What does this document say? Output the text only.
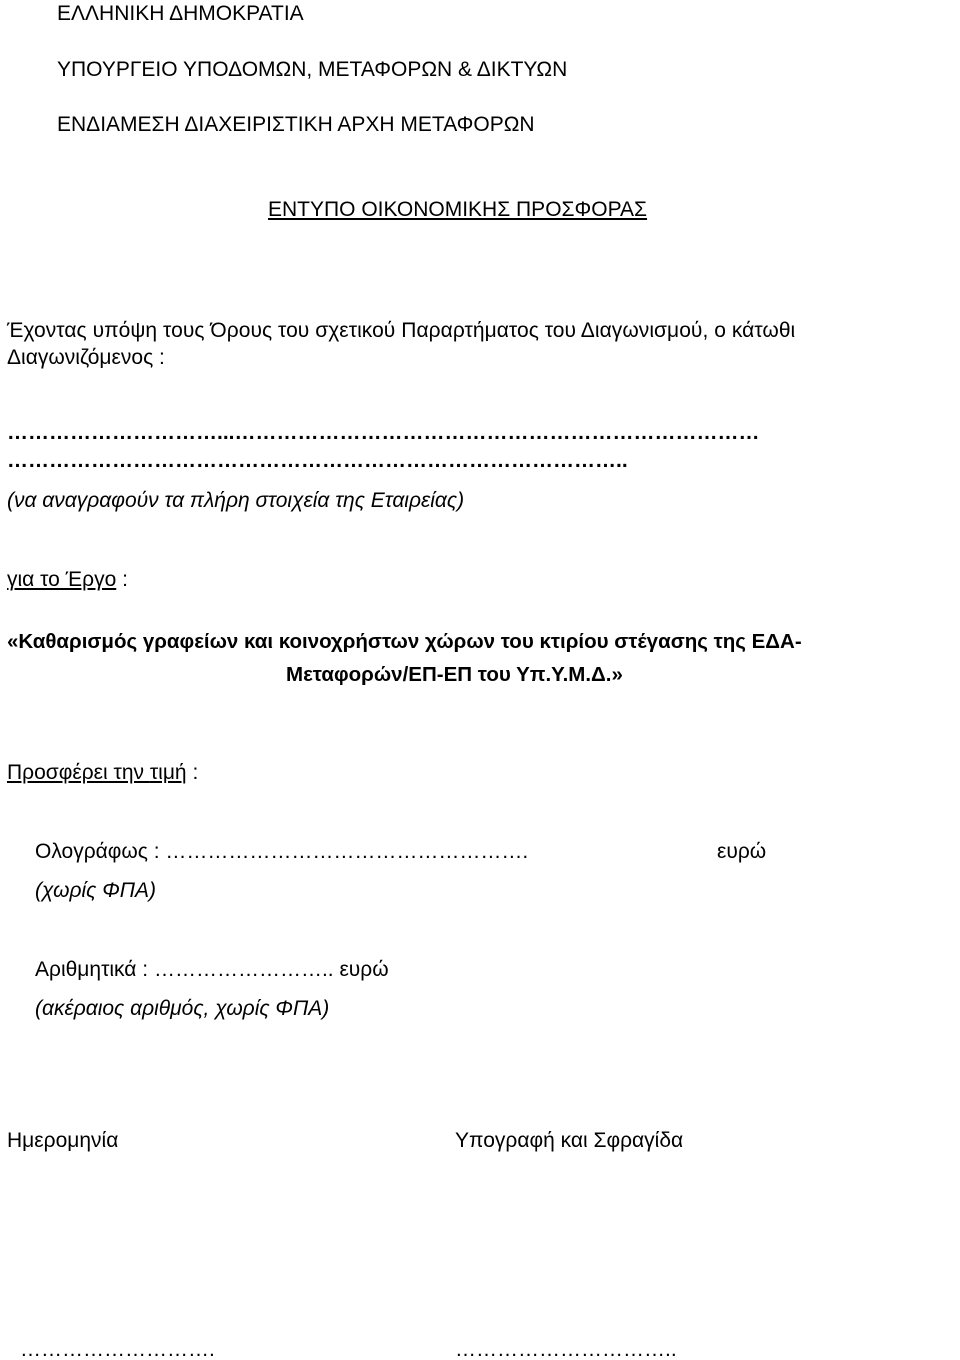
ΕΛΛΗΝΙΚΗ ΔΗΜΟΚΡΑΤΙΑ
ΥΠΟΥΡΓΕΙΟ ΥΠΟΔΟΜΩΝ, ΜΕΤΑΦΟΡΩΝ & ΔΙΚΤΥΩΝ
ΕΝΔΙΑΜΕΣΗ ΔΙΑΧΕΙΡΙΣΤΙΚΗ ΑΡΧΗ ΜΕΤΑΦΟΡΩΝ
ΕΝΤΥΠΟ ΟΙΚΟΝΟΜΙΚΗΣ ΠΡΟΣΦΟΡΑΣ
Έχοντας υπόψη τους Όρους του σχετικού Παραρτήματος του Διαγωνισμού, ο κάτωθι
Διαγωνιζόμενος :
…………………………...…………………………………………………………………
……………………………………………………………………………..
(να αναγραφούν τα πλήρη στοιχεία της Εταιρείας)
για το Έργο :
«Καθαρισμός γραφείων και κοινοχρήστων χώρων του κτιρίου στέγασης της ΕΔΑ-
Μεταφορών/ΕΠ-ΕΠ του Υπ.Υ.Μ.Δ.»
Προσφέρει την τιμή :
Ολογράφως : …………………………………………….	ευρώ
(χωρίς ΦΠΑ)
Αριθμητικά : …………………….. ευρώ
(ακέραιος αριθμός, χωρίς ΦΠΑ)
Ημερομηνία	Υπογραφή και Σφραγίδα
……………………….	…………………………..
